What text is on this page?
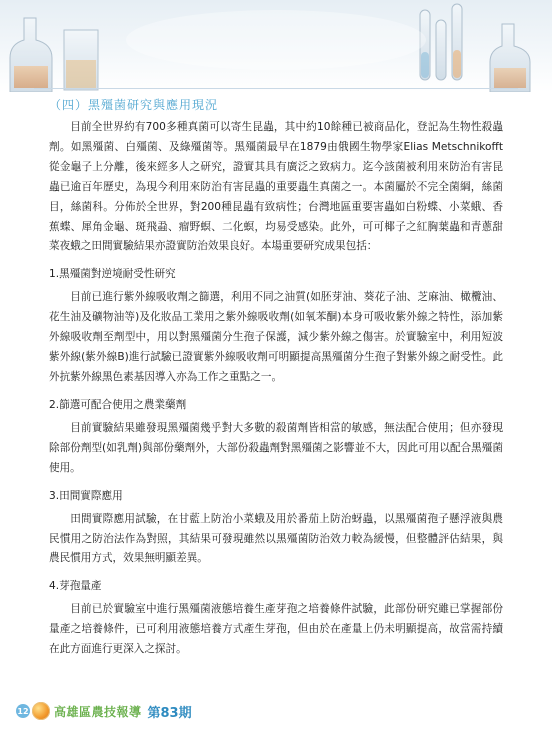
（四）黑殭菌研究與應用現況

目前全世界約有700多種真菌可以寄生昆蟲，其中約10餘種已被商品化，登記為生物性殺蟲劑。如黑殭菌、白殭菌、及綠殭菌等。黑殭菌最早在1879由俄國生物學家Elias Metschnikofft從金龜子上分離，後來經多人之研究，證實其具有廣泛之致病力。迄今該菌被利用來防治有害昆蟲已逾百年歷史，為現今利用來防治有害昆蟲的重要蟲生真菌之一。本菌屬於不完全菌綱，絲菌目，絲菌科。分佈於全世界，對200種昆蟲有致病性；台灣地區重要害蟲如白粉蝶、小菜蛾、香蕉蝶、犀角金龜、斑飛蝨、瘤野螟、二化螟，均易受感染。此外，可可椰子之紅胸葉蟲和青蔥甜菜夜蛾之田間實驗結果亦證實防治效果良好。本場重要研究成果包括：

1.黑殭菌對逆境耐受性研究

目前已進行紫外線吸收劑之篩選，利用不同之油質(如胚芽油、葵花子油、芝麻油、橄欖油、花生油及礦物油等)及化妝品工業用之紫外線吸收劑(如氧苯酮)本身可吸收紫外線之特性，添加紫外線吸收劑至劑型中，用以對黑殭菌分生孢子保護，減少紫外線之傷害。於實驗室中，利用短波紫外線(紫外線B)進行試驗已證實紫外線吸收劑可明顯提高黑殭菌分生孢子對紫外線之耐受性。此外抗紫外線黑色素基因導入亦為工作之重點之一。

2.篩選可配合使用之農業藥劑

目前實驗結果雖發現黑殭菌幾乎對大多數的殺菌劑皆相當的敏感，無法配合使用；但亦發現除部份劑型(如乳劑)與部份藥劑外，大部份殺蟲劑對黑殭菌之影響並不大，因此可用以配合黑殭菌使用。

3.田間實際應用

田間實際應用試驗，在甘藍上防治小菜蛾及用於番茄上防治蚜蟲，以黑殭菌孢子懸浮液與農民慣用之防治法作為對照，其結果可發現雖然以黑殭菌防治效力較為緩慢，但整體評估結果，與農民慣用方式，效果無明顯差異。

4.芽孢量產

目前已於實驗室中進行黑殭菌液態培養生產芽孢之培養條件試驗，此部份研究雖已掌握部份量產之培養條件，已可利用液態培養方式產生芽孢，但由於在產量上仍未明顯提高，故當需持續在此方面進行更深入之探討。

12 高雄區農技報導 第83期
